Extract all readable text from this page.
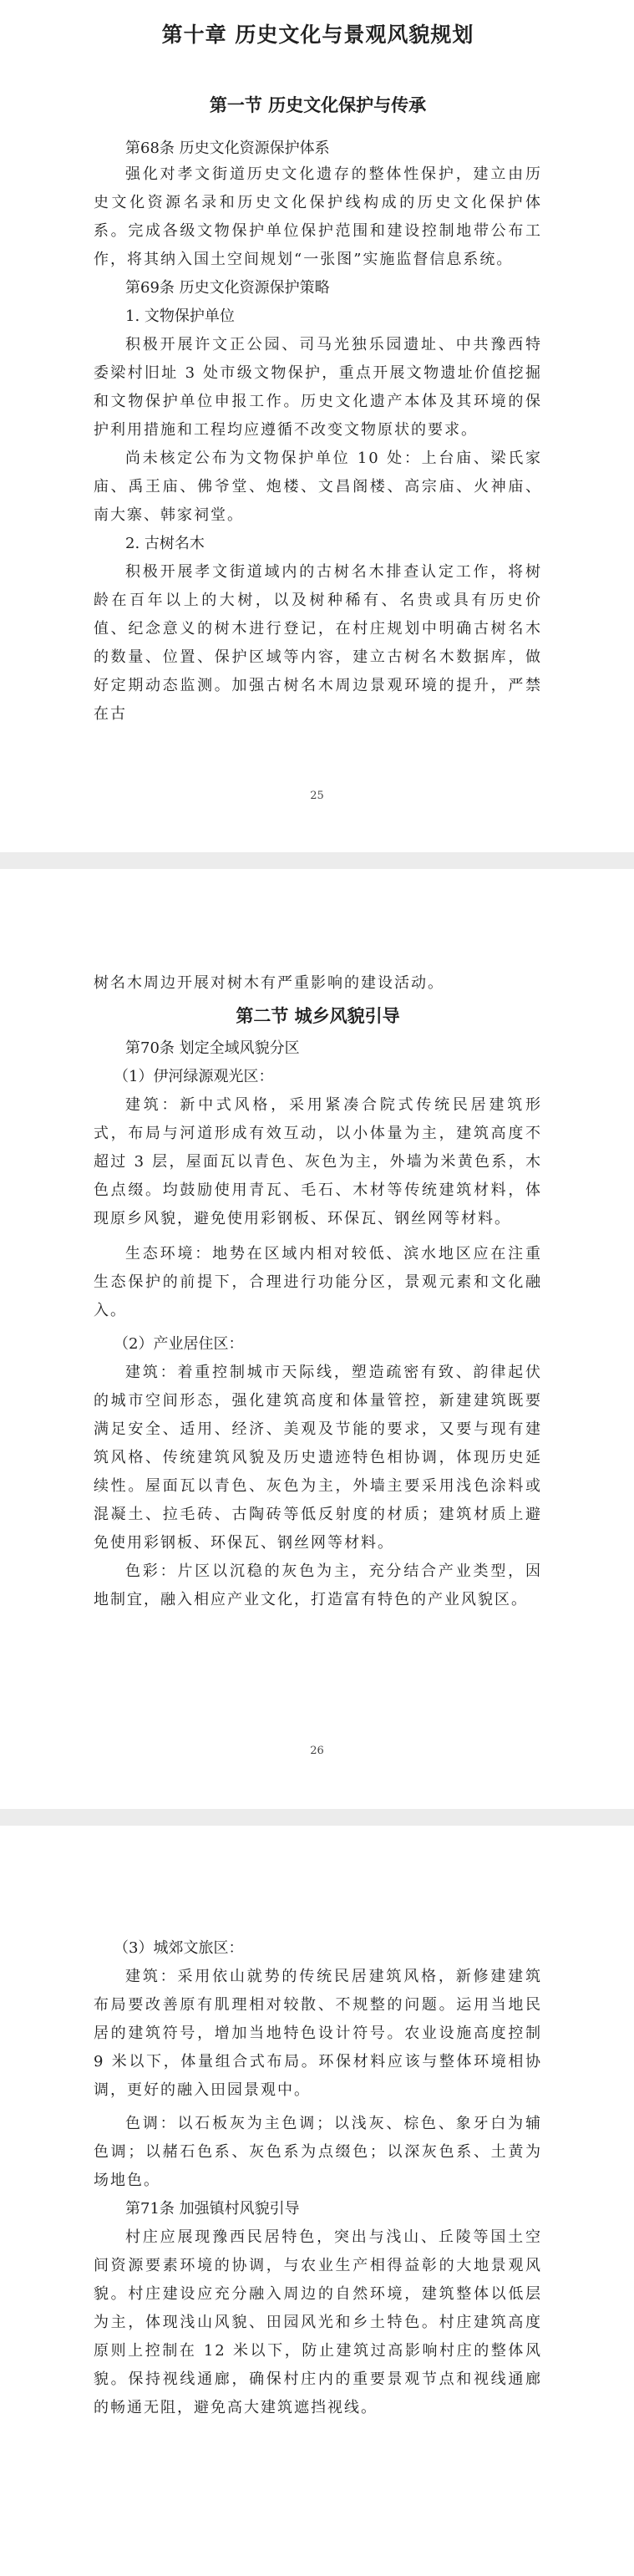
第十章 历史文化与景观风貌规划
第一节 历史文化保护与传承

第68条 历史文化资源保护体系

强化对孝文街道历史文化遗存的整体性保护，建立由历史文化资源名录和历史文化保护线构成的历史文化保护体系。完成各级文物保护单位保护范围和建设控制地带公布工作，将其纳入国土空间规划“一张图”实施监督信息系统。

第69条 历史文化资源保护策略

1. 文物保护单位

积极开展许文正公园、司马光独乐园遗址、中共豫西特委梁村旧址 3 处市级文物保护，重点开展文物遗址价值挖掘和文物保护单位申报工作。历史文化遗产本体及其环境的保护利用措施和工程均应遵循不改变文物原状的要求。

尚未核定公布为文物保护单位 10 处：上台庙、梁氏家庙、禹王庙、佛爷堂、炮楼、文昌阁楼、高宗庙、火神庙、南大寨、韩家祠堂。

2. 古树名木

积极开展孝文街道域内的古树名木排查认定工作，将树龄在百年以上的大树，以及树种稀有、名贵或具有历史价值、纪念意义的树木进行登记，在村庄规划中明确古树名木的数量、位置、保护区域等内容，建立古树名木数据库，做好定期动态监测。加强古树名木周边景观环境的提升，严禁在古

25

树名木周边开展对树木有严重影响的建设活动。

第二节 城乡风貌引导

第70条 划定全域风貌分区

（1）伊河绿源观光区：

建筑：新中式风格，采用紧凑合院式传统民居建筑形式，布局与河道形成有效互动，以小体量为主，建筑高度不超过 3 层，屋面瓦以青色、灰色为主，外墙为米黄色系，木色点缀。均鼓励使用青瓦、毛石、木材等传统建筑材料，体现原乡风貌，避免使用彩钢板、环保瓦、钢丝网等材料。

生态环境：地势在区域内相对较低、滨水地区应在注重生态保护的前提下，合理进行功能分区，景观元素和文化融入。

（2）产业居住区：

建筑：着重控制城市天际线，塑造疏密有致、韵律起伏的城市空间形态，强化建筑高度和体量管控，新建建筑既要满足安全、适用、经济、美观及节能的要求，又要与现有建筑风格、传统建筑风貌及历史遗迹特色相协调，体现历史延续性。屋面瓦以青色、灰色为主，外墙主要采用浅色涂料或混凝土、拉毛砖、古陶砖等低反射度的材质；建筑材质上避免使用彩钢板、环保瓦、钢丝网等材料。

色彩：片区以沉稳的灰色为主，充分结合产业类型，因地制宜，融入相应产业文化，打造富有特色的产业风貌区。

26

（3）城郊文旅区：

建筑：采用依山就势的传统民居建筑风格，新修建建筑布局要改善原有肌理相对较散、不规整的问题。运用当地民居的建筑符号，增加当地特色设计符号。农业设施高度控制 9 米以下，体量组合式布局。环保材料应该与整体环境相协调，更好的融入田园景观中。

色调：以石板灰为主色调；以浅灰、棕色、象牙白为辅色调；以赭石色系、灰色系为点缀色；以深灰色系、土黄为场地色。

第71条 加强镇村风貌引导

村庄应展现豫西民居特色，突出与浅山、丘陵等国土空间资源要素环境的协调，与农业生产相得益彰的大地景观风貌。村庄建设应充分融入周边的自然环境，建筑整体以低层为主，体现浅山风貌、田园风光和乡土特色。村庄建筑高度原则上控制在 12 米以下，防止建筑过高影响村庄的整体风貌。保持视线通廊，确保村庄内的重要景观节点和视线通廊的畅通无阻，避免高大建筑遮挡视线。
